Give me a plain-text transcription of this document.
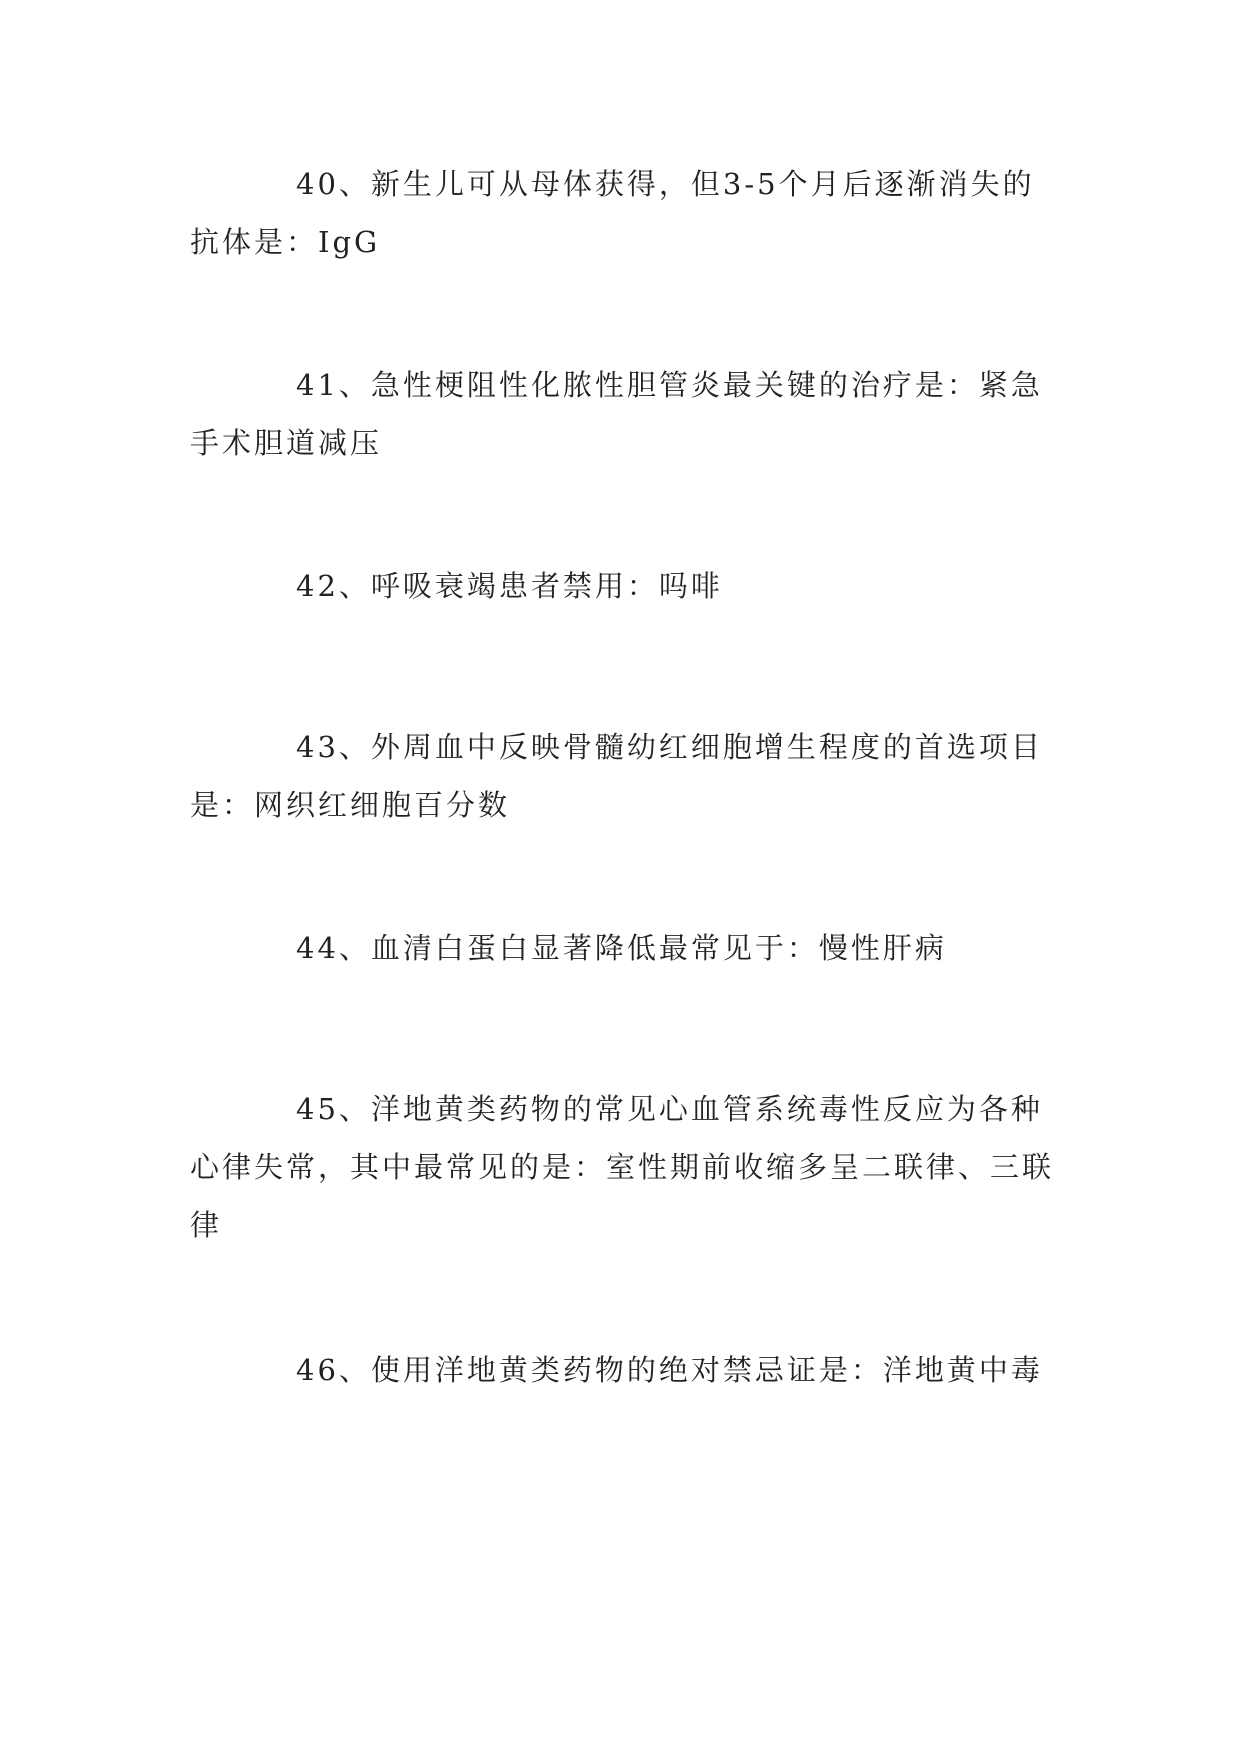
40、新生儿可从母体获得，但3-5个月后逐渐消失的抗体是：IgG

41、急性梗阻性化脓性胆管炎最关键的治疗是：紧急手术胆道减压

42、呼吸衰竭患者禁用：吗啡

43、外周血中反映骨髓幼红细胞增生程度的首选项目是：网织红细胞百分数

44、血清白蛋白显著降低最常见于：慢性肝病

45、洋地黄类药物的常见心血管系统毒性反应为各种心律失常，其中最常见的是：室性期前收缩多呈二联律、三联律

46、使用洋地黄类药物的绝对禁忌证是：洋地黄中毒
